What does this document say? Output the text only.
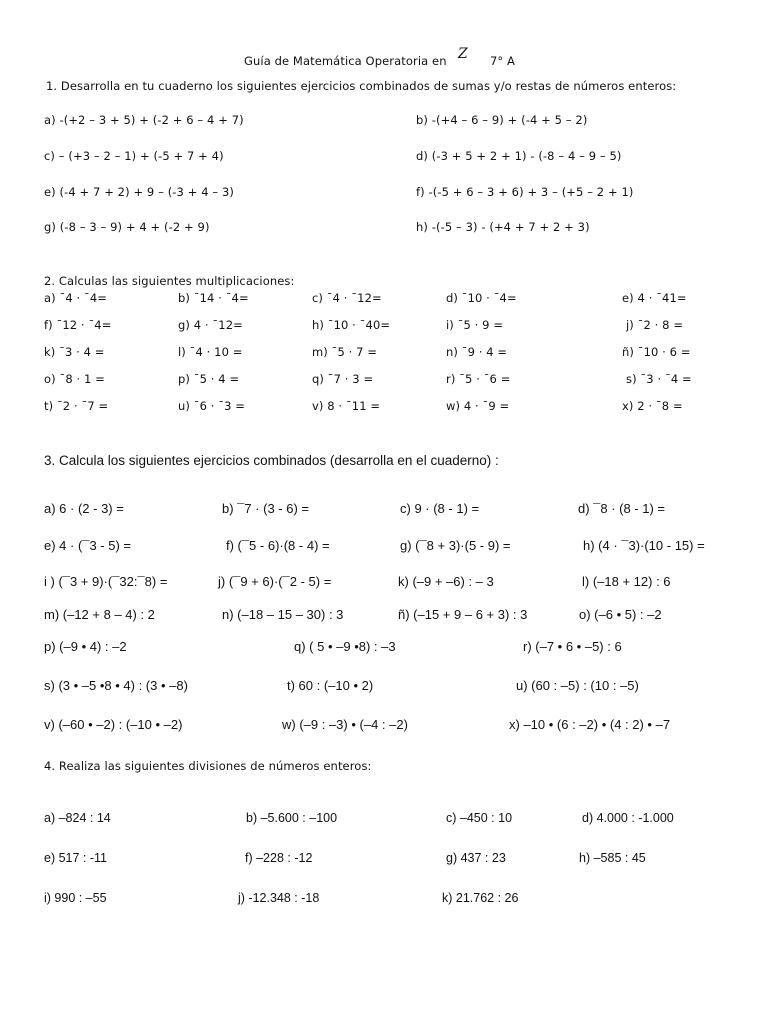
Guía de Matemática Operatoria en Z 7° A
1. Desarrolla en tu cuaderno los siguientes ejercicios combinados de sumas y/o restas de números enteros:
a) -(+2 – 3 + 5) + (-2 + 6 – 4 + 7)	b) -(+4 – 6 – 9) + (-4 + 5 – 2)
c) – (+3 – 2 – 1) + (-5 + 7 + 4)	d) (-3 + 5 + 2 + 1) - (-8 – 4 – 9 – 5)
e) (-4 + 7 + 2) + 9 – (-3 + 4 – 3)	f) -(-5 + 6 – 3 + 6) + 3 – (+5 – 2 + 1)
g) (-8 – 3 – 9) + 4 + (-2 + 9)	h) -(-5 – 3) - (+4 + 7 + 2 + 3)
2. Calculas las siguientes multiplicaciones:
a) ¯4 · ¯4=	b) ¯14 · ¯4=	c) ¯4 · ¯12=	d) ¯10 · ¯4=	e) 4 · ¯41=
f) ¯12 · ¯4=	g) 4 · ¯12=	h) ¯10 · ¯40=	i) ¯5 · 9 =	j) ¯2 · 8 =
k) ¯3 · 4 =	l) ¯4 · 10 =	m) ¯5 · 7 =	n) ¯9 · 4 =	ñ) ¯10 · 6 =
o) ¯8 · 1 =	p) ¯5 · 4 =	q) ¯7 · 3 =	r) ¯5 · ¯6 =	s) ¯3 · ¯4 =
t) ¯2 · ¯7 =	u) ¯6 · ¯3 =	v) 8 · ¯11 =	w) 4 · ¯9 =	x) 2 · ¯8 =
3. Calcula los siguientes ejercicios combinados (desarrolla en el cuaderno) :
a) 6 · (2 - 3) =	b) ¯7 · (3 - 6) =	c) 9 · (8 - 1) =	d) ¯8 · (8 - 1) =
e) 4 · (¯3 - 5) =	f) (¯5 - 6)·(8 - 4) =	g) (¯8 + 3)·(5 - 9) =	h) (4 · ¯3)·(10 - 15) =
i ) (¯3 + 9)·(¯32:¯8) =	j) (¯9 + 6)·(¯2 - 5) =	k) (–9 + –6) : – 3	l) (–18 + 12) : 6
m) (–12 + 8 – 4) : 2	n) (–18 – 15 – 30) : 3	ñ) (–15 + 9 – 6 + 3) : 3	o) (–6 • 5) : –2
p) (–9 • 4) : –2	q) ( 5 • –9 •8) : –3	r) (–7 • 6 • –5) : 6
s) (3 • –5 •8 • 4) : (3 • –8)	t) 60 : (–10 • 2)	u) (60 : –5) : (10 : –5)
v) (–60 • –2) : (–10 • –2)	w) (–9 : –3) • (–4 : –2)	x) –10 • (6 : –2) • (4 : 2) • –7
4. Realiza las siguientes divisiones de números enteros:
a) –824 : 14	b) –5.600 : –100	c) –450 : 10	d) 4.000 : -1.000
e) 517 : -11	f) –228 : -12	g) 437 : 23	h) –585 : 45
i) 990 : –55	j) -12.348 : -18	k) 21.762 : 26
